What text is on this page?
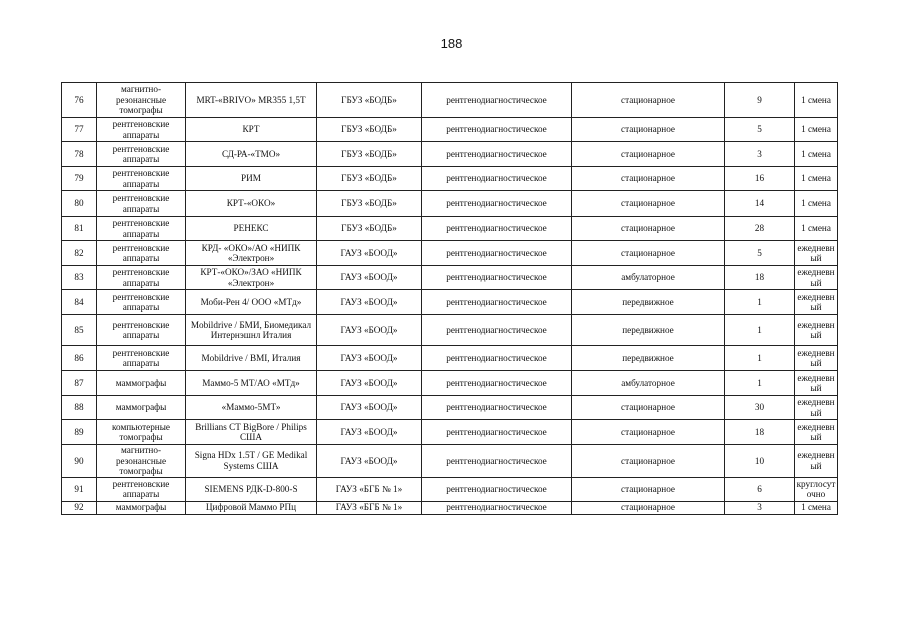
188
76	магнитно-резонансные томографы	MRT-«BRIVO» MR355 1,5T	ГБУЗ «БОДБ»	рентгенодиагностическое	стационарное	9	1 смена
77	рентгеновские аппараты	КРТ	ГБУЗ «БОДБ»	рентгенодиагностическое	стационарное	5	1 смена
78	рентгеновские аппараты	СД-РА-«ТМО»	ГБУЗ «БОДБ»	рентгенодиагностическое	стационарное	3	1 смена
79	рентгеновские аппараты	РИМ	ГБУЗ «БОДБ»	рентгенодиагностическое	стационарное	16	1 смена
80	рентгеновские аппараты	КРТ-«ОКО»	ГБУЗ «БОДБ»	рентгенодиагностическое	стационарное	14	1 смена
81	рентгеновские аппараты	РЕНЕКС	ГБУЗ «БОДБ»	рентгенодиагностическое	стационарное	28	1 смена
82	рентгеновские аппараты	КРД- «ОКО»/АО «НИПК «Электрон»	ГАУЗ «БООД»	рентгенодиагностическое	стационарное	5	ежедневный
83	рентгеновские аппараты	КРТ-«ОКО»/ЗАО «НИПК «Электрон»	ГАУЗ «БООД»	рентгенодиагностическое	амбулаторное	18	ежедневный
84	рентгеновские аппараты	Моби-Рен 4/ ООО «МТд»	ГАУЗ «БООД»	рентгенодиагностическое	передвижное	1	ежедневный
85	рентгеновские аппараты	Mobildrive / БМИ, Биомедикал Интернэшнл Италия	ГАУЗ «БООД»	рентгенодиагностическое	передвижное	1	ежедневный
86	рентгеновские аппараты	Mobildrive / BMI, Италия	ГАУЗ «БООД»	рентгенодиагностическое	передвижное	1	ежедневный
87	маммографы	Маммо-5 МТ/АО «МТд»	ГАУЗ «БООД»	рентгенодиагностическое	амбулаторное	1	ежедневный
88	маммографы	«Маммо-5МТ»	ГАУЗ «БООД»	рентгенодиагностическое	стационарное	30	ежедневный
89	компьютерные томографы	Brillians CT BigBore / Philips США	ГАУЗ «БООД»	рентгенодиагностическое	стационарное	18	ежедневный
90	магнитно-резонансные томографы	Signa HDx 1.5T / GE Medikal Systems США	ГАУЗ «БООД»	рентгенодиагностическое	стационарное	10	ежедневный
91	рентгеновские аппараты	SIEMENS РДК-D-800-S	ГАУЗ «БГБ № 1»	рентгенодиагностическое	стационарное	6	круглосуточно
92	маммографы	Цифровой Маммо РПц	ГАУЗ «БГБ № 1»	рентгенодиагностическое	стационарное	3	1 смена
